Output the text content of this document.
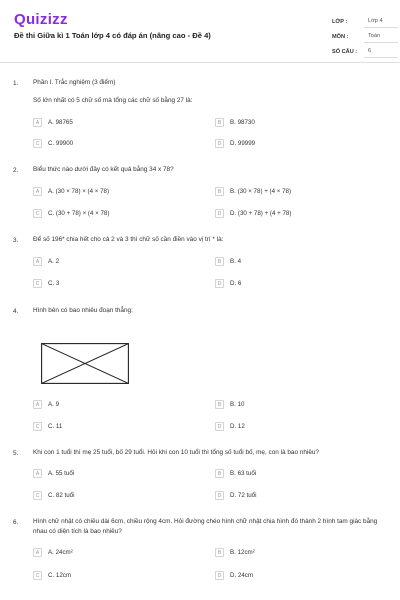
Quizizz
Đề thi Giữa kì 1 Toán lớp 4 có đáp án (nâng cao - Đề 4)
LỚP :	Lớp 4
MÔN :	Toán
SỐ CÂU :	6
1. Phần I. Trắc nghiệm (3 điểm)
Số lớn nhất có 5 chữ số mà tổng các chữ số bằng 27 là:
A	A. 98765	B	B. 98730
C	C. 99900	D	D. 99999
2. Biểu thức nào dưới đây có kết quả bằng 34 x 78?
A	A. (30 × 78) × (4 × 78)	B	B. (30 × 78) + (4 × 78)
C	C. (30 + 78) × (4 × 78)	D	D. (30 + 78) + (4 + 78)
3. Để số 196* chia hết cho cả 2 và 3 thì chữ số cần điền vào vị trí * là:
A	A. 2	B	B. 4
C	C. 3	D	D. 6
4. Hình bên có bao nhiêu đoạn thẳng:
A	A. 9	B	B. 10
C	C. 11	D	D. 12
5. Khi con 1 tuổi thì mẹ 25 tuổi, bố 29 tuổi. Hỏi khi con 10 tuổi thì tổng số tuổi bố, mẹ, con là bao nhiêu?
A	A. 55 tuổi	B	B. 63 tuổi
C	C. 82 tuổi	D	D. 72 tuổi
6. Hình chữ nhật có chiều dài 6cm, chiều rộng 4cm. Hỏi đường chéo hình chữ nhật chia hình đó thành 2 hình tam giác bằng nhau có diện tích là bao nhiêu?
A	A. 24cm²	B	B. 12cm²
C	C. 12cm	D	D. 24cm
